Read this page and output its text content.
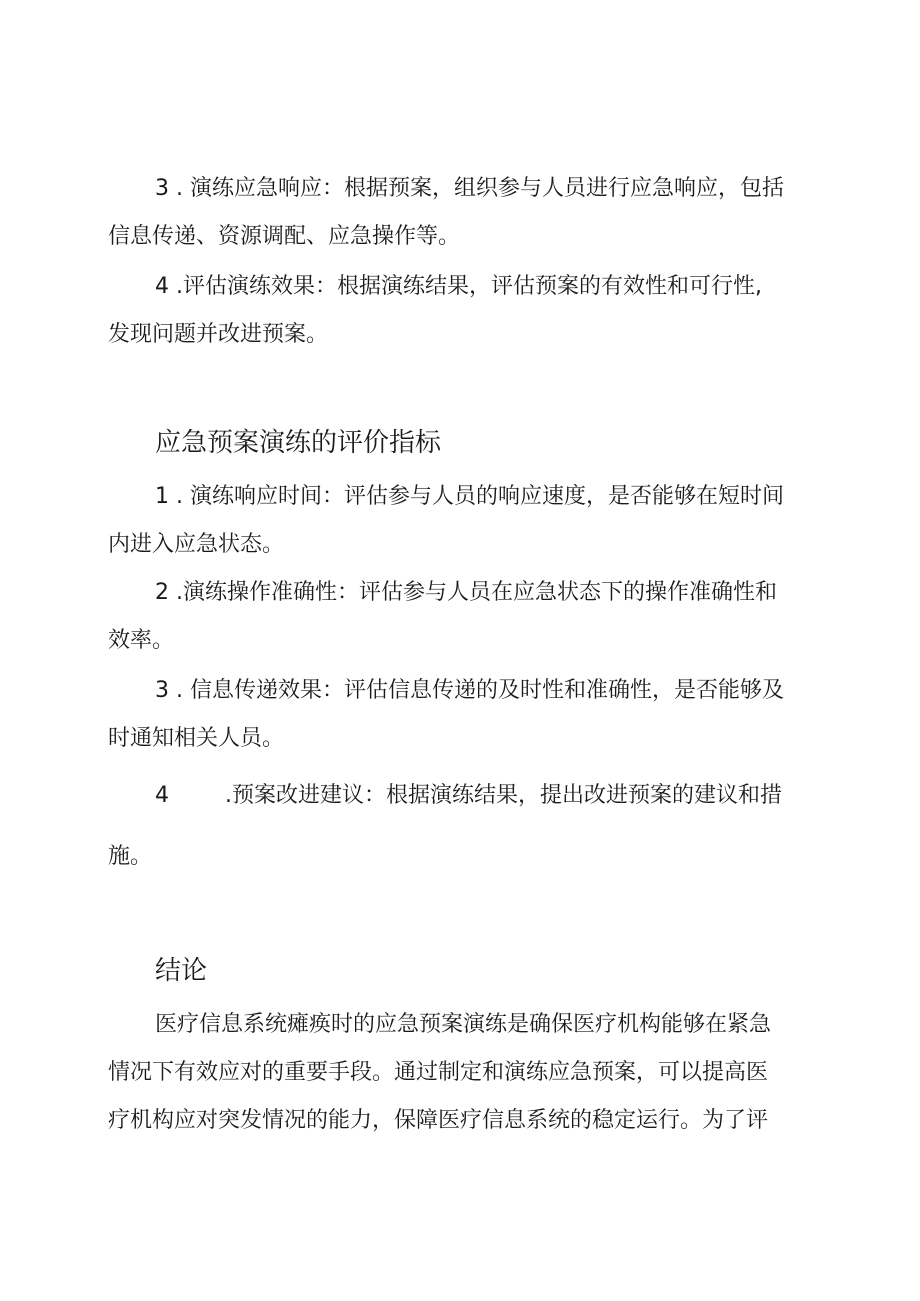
3 . 演练应急响应：根据预案，组织参与人员进行应急响应，包括
信息传递、资源调配、应急操作等。
4 .评估演练效果：根据演练结果，评估预案的有效性和可行性,
发现问题并改进预案。
应急预案演练的评价指标
1 . 演练响应时间：评估参与人员的响应速度，是否能够在短时间
内进入应急状态。
2 .演练操作准确性：评估参与人员在应急状态下的操作准确性和
效率。
3 . 信息传递效果：评估信息传递的及时性和准确性，是否能够及
时通知相关人员。
4        .预案改进建议：根据演练结果，提出改进预案的建议和措
施。
结论
医疗信息系统瘫痪时的应急预案演练是确保医疗机构能够在紧急
情况下有效应对的重要手段。通过制定和演练应急预案，可以提高医
疗机构应对突发情况的能力，保障医疗信息系统的稳定运行。为了评
